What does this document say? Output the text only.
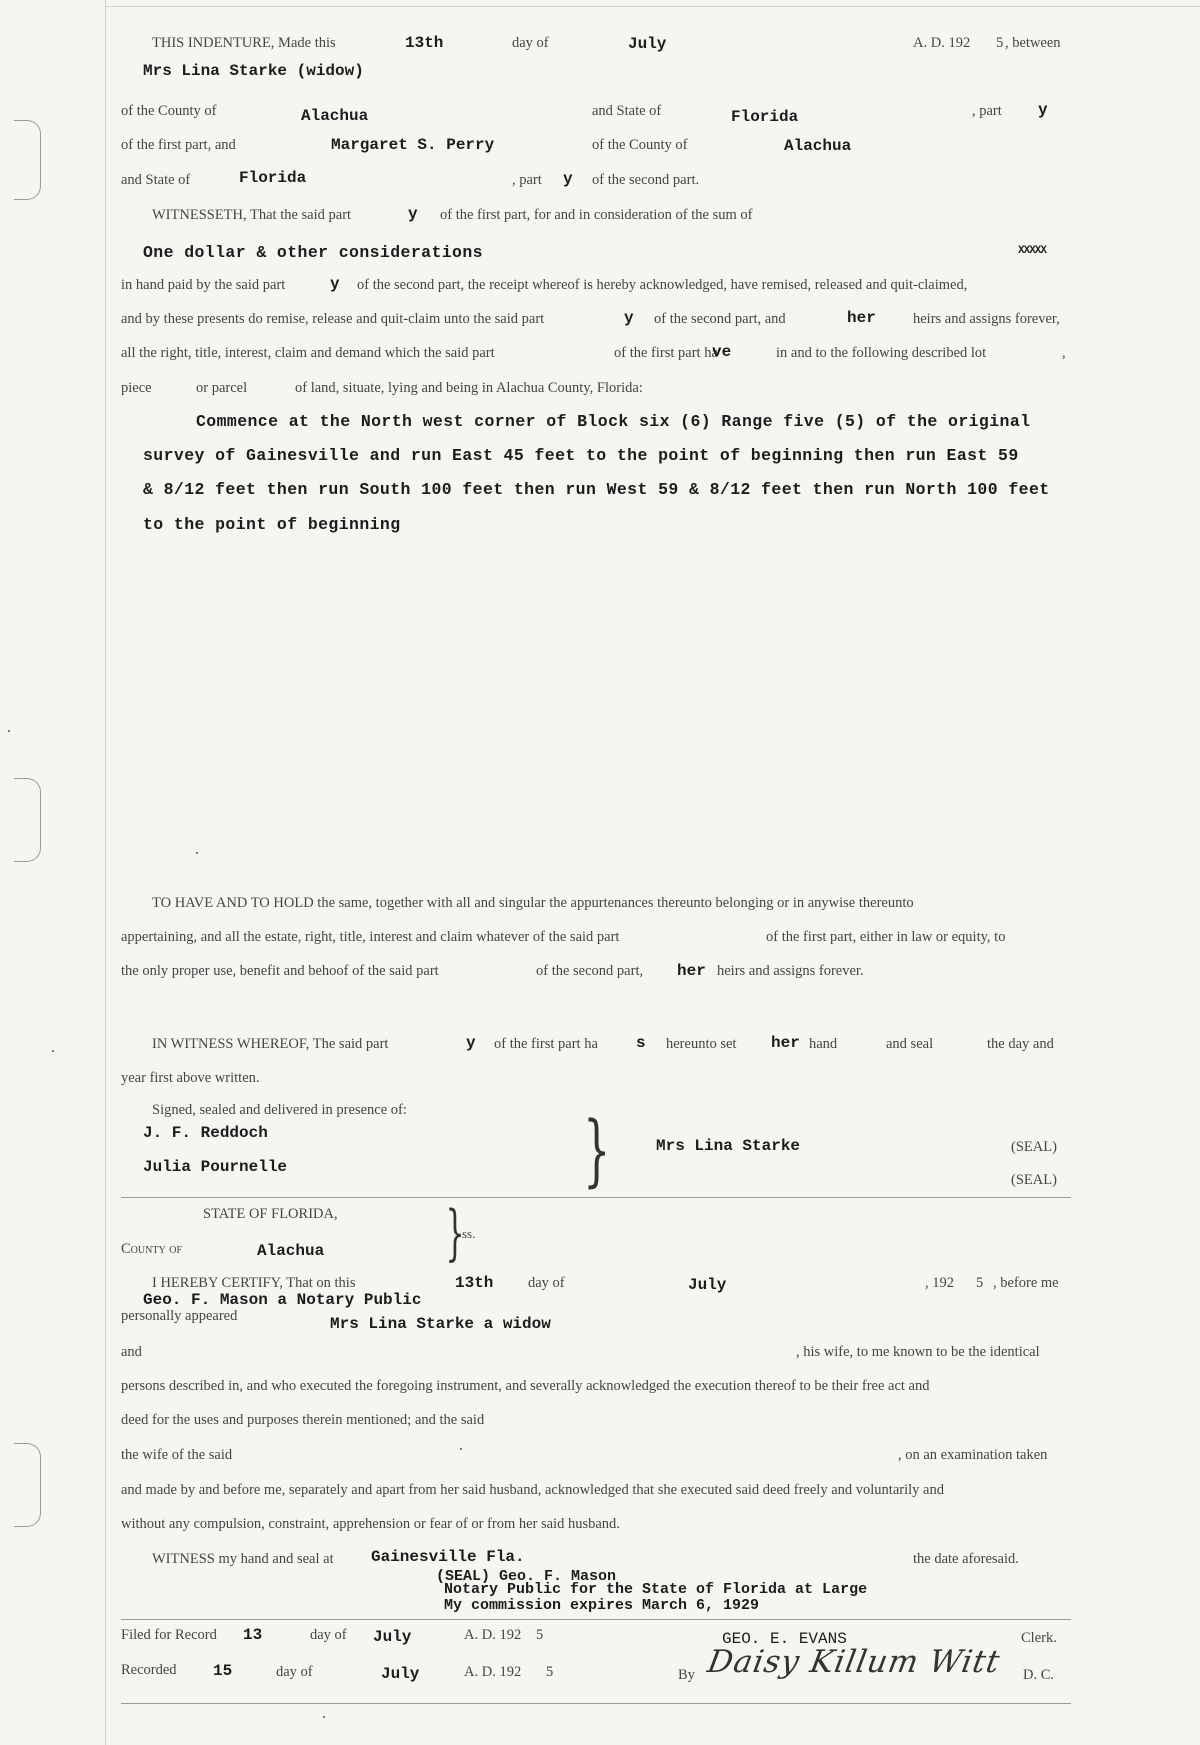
THIS INDENTURE, Made this	13th	day of	July	A. D. 192 5 , between
Mrs Lina Starke (widow)
of the County of	Alachua	and State of	Florida	, part y
of the first part, and	Margaret S. Perry	of the County of	Alachua
and State of	Florida	, part y of the second part.
WITNESSETH, That the said part	y of the first part, for and in consideration of the sum of
One dollar & other considerations	XXXXX
in hand paid by the said part	y of the second part, the receipt whereof is hereby acknowledged, have remised, released and quit-claimed,
and by these presents do remise, release and quit-claim unto the said part	y of the second part, and	her	heirs and assigns forever,
all the right, title, interest, claim and demand which the said part	of the first part ha
ve	in and to the following described lot	,
piece	or parcel	of land, situate, lying and being in Alachua County, Florida:
Commence at the North west corner of Block six (6) Range five (5) of the original
survey of Gainesville and run East 45 feet to the point of beginning then run East 59
& 8/12 feet then run South 100 feet then run West 59 & 8/12 feet then run North 100 feet
to the point of beginning
TO HAVE AND TO HOLD the same, together with all and singular the appurtenances thereunto belonging or in anywise thereunto
appertaining, and all the estate, right, title, interest and claim whatever of the said part	of the first part, either in law or equity, to
the only proper use, benefit and behoof of the said part	of the second part, her heirs and assigns forever.
IN WITNESS WHEREOF, The said part	y of the first part ha s hereunto set her hand	and seal	the day and
year first above written.
Signed, sealed and delivered in presence of:
J. F. Reddoch
Julia Pournelle	}	Mrs Lina Starke	(SEAL)
(SEAL)
STATE OF FLORIDA,
County of	Alachua }
ss.
I HEREBY CERTIFY, That on this	13th day of	July	, 192 5 , before me
Geo. F. Mason a Notary Public
personally appeared	Mrs Lina Starke a widow
and	, his wife, to me known to be the identical
persons described in, and who executed the foregoing instrument, and severally acknowledged the execution thereof to be their free act and
deed for the uses and purposes therein mentioned; and the said
the wife of the said	, on an examination taken
and made by and before me, separately and apart from her said husband, acknowledged that she executed said deed freely and voluntarily and
without any compulsion, constraint, apprehension or fear of or from her said husband.
WITNESS my hand and seal at Gainesville Fla.	the date aforesaid.
(SEAL) Geo. F. Mason
Notary Public for the State of Florida at Large
My commission expires March 6, 1929
Filed for Record 13	day of July	A. D. 192 5	GEO. E. EVANS	Clerk.
Recorded 15	day of	July	A. D. 192 5	By Daisy Killum Witt D. C.
